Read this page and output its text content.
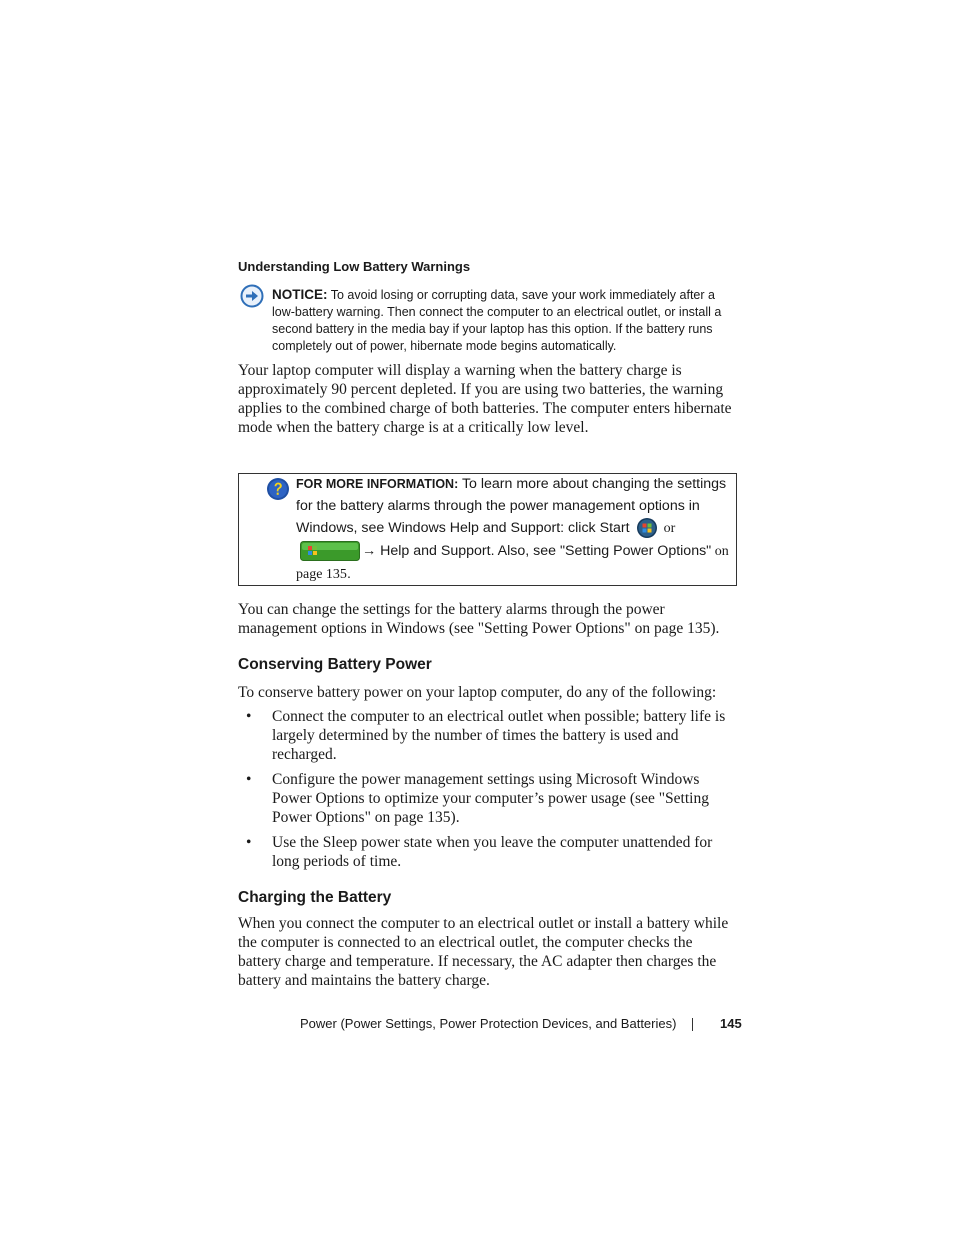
Understanding Low Battery Warnings
NOTICE: To avoid losing or corrupting data, save your work immediately after a low-battery warning. Then connect the computer to an electrical outlet, or install a second battery in the media bay if your laptop has this option. If the battery runs completely out of power, hibernate mode begins automatically.
Your laptop computer will display a warning when the battery charge is approximately 90 percent depleted. If you are using two batteries, the warning applies to the combined charge of both batteries. The computer enters hibernate mode when the battery charge is at a critically low level.
FOR MORE INFORMATION: To learn more about changing the settings for the battery alarms through the power management options in Windows, see Windows Help and Support: click Start or
→ Help and Support. Also, see "Setting Power Options" on page 135.
You can change the settings for the battery alarms through the power management options in Windows (see "Setting Power Options" on page 135).
Conserving Battery Power
To conserve battery power on your laptop computer, do any of the following:
• Connect the computer to an electrical outlet when possible; battery life is largely determined by the number of times the battery is used and recharged.
• Configure the power management settings using Microsoft Windows Power Options to optimize your computer’s power usage (see "Setting Power Options" on page 135).
• Use the Sleep power state when you leave the computer unattended for long periods of time.
Charging the Battery
When you connect the computer to an electrical outlet or install a battery while the computer is connected to an electrical outlet, the computer checks the battery charge and temperature. If necessary, the AC adapter then charges the battery and maintains the battery charge.
Power (Power Settings, Power Protection Devices, and Batteries)	145
